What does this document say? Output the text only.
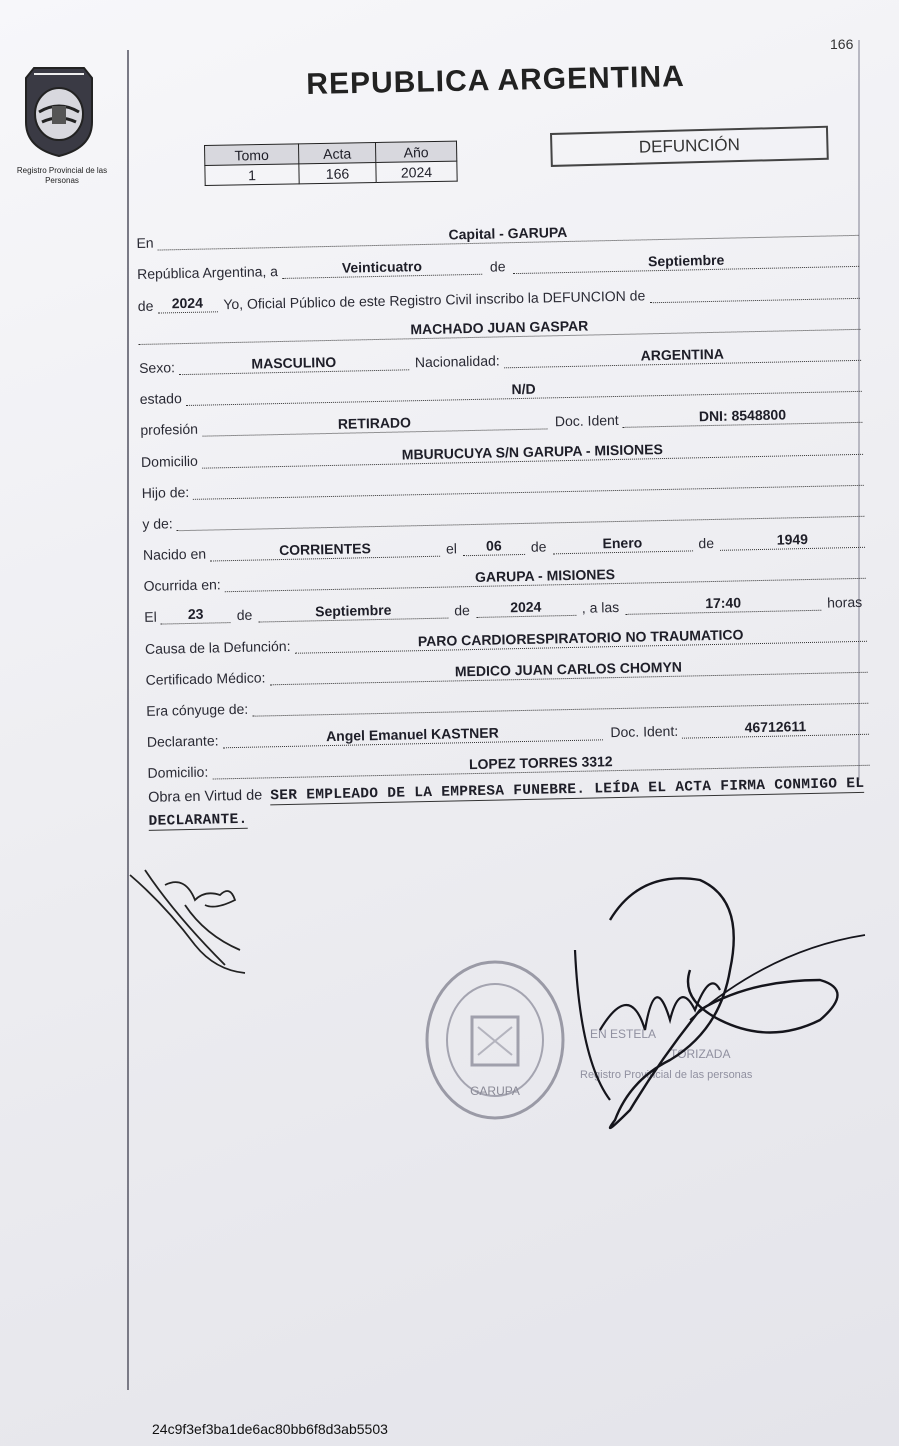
166
Registro Provincial de las Personas
REPUBLICA ARGENTINA
Tomo	Acta	Año
1	166	2024
DEFUNCIÓN
En
Capital - GARUPA
República Argentina, a	Veinticuatro	de	Septiembre
de	2024	Yo, Oficial Público de este Registro Civil inscribo la DEFUNCION de
MACHADO JUAN GASPAR
Sexo:	MASCULINO	Nacionalidad:	ARGENTINA
estado
N/D
profesión	RETIRADO	Doc. Ident	DNI: 8548800
Domicilio	MBURUCUYA S/N GARUPA - MISIONES
Hijo de:
y de:
Nacido en	CORRIENTES	el	06	de	Enero	de	1949
Ocurrida en:
GARUPA - MISIONES
El	23	de	Septiembre	de	2024	, a las	17:40	horas
Causa de la Defunción:	PARO CARDIORESPIRATORIO NO TRAUMATICO
Certificado Médico:	MEDICO JUAN CARLOS CHOMYN
Era cónyuge de:
Declarante:	Angel Emanuel KASTNER	Doc. Ident:	46712611
Domicilio:
LOPEZ TORRES 3312
Obra en Virtud de SER EMPLEADO DE LA EMPRESA FUNEBRE. LEÍDA EL ACTA FIRMA CONMIGO EL DECLARANTE.
GARUPA
EN ESTELA
TORIZADA
Registro Provincial de las personas
24c9f3ef3ba1de6ac80bb6f8d3ab5503
